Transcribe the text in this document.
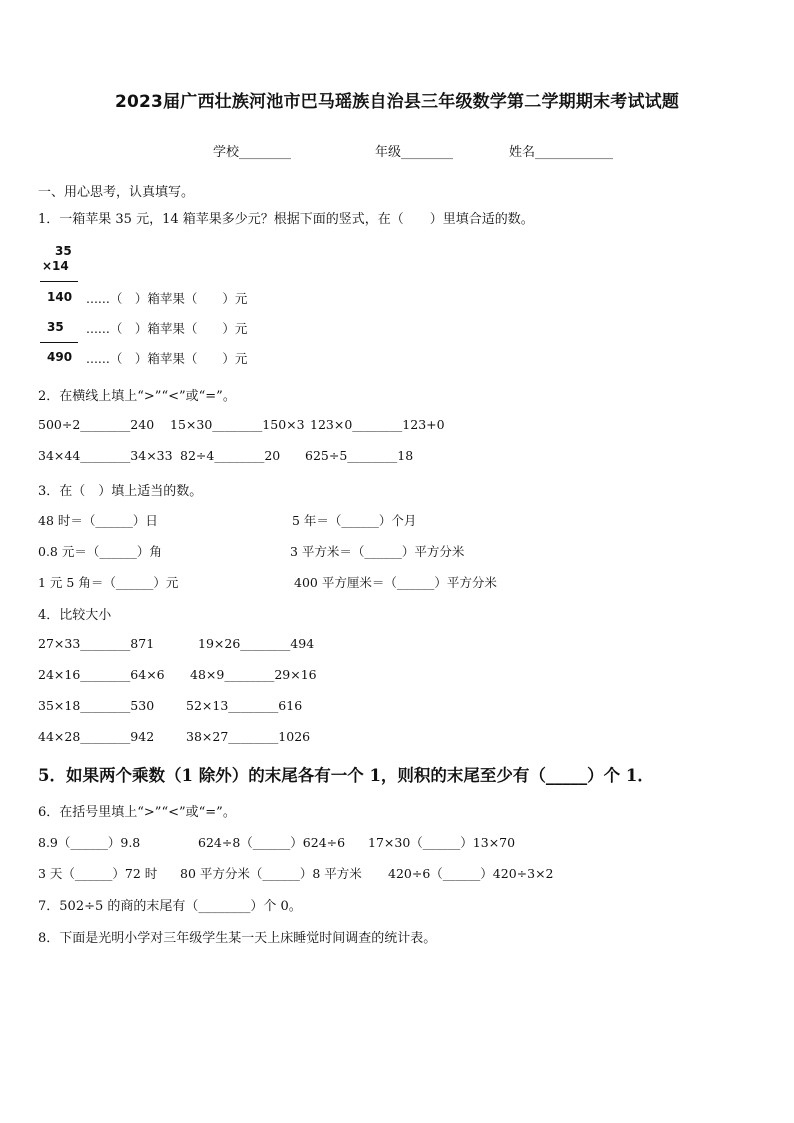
2023届广西壮族河池市巴马瑶族自治县三年级数学第二学期期末考试试题
学校________	年级________	姓名____________
一、用心思考，认真填写。
1．一箱苹果 35 元，14 箱苹果多少元？根据下面的竖式，在（　　）里填合适的数。
35
×14
140 ......（　）箱苹果（　　）元
35 ......（　）箱苹果（　　）元
490 ......（　）箱苹果（　　）元
2．在横线上填上“>”“<”或“=”。
500÷2________240 15×30________150×3 123×0________123+0
34×44________34×33 82÷4________20 625÷5________18
3．在（　）填上适当的数。
48 时＝（______）日	5 年＝（______）个月
0.8 元＝（______）角	3 平方米＝（______）平方分米
1 元 5 角＝（______）元	400 平方厘米＝（______）平方分米
4．比较大小
27×33________871	19×26________494
24×16________64×6 48×9________29×16
35×18________530	52×13________616
44×28________942	38×27________1026
5．如果两个乘数（1 除外）的末尾各有一个 1，则积的末尾至少有（_____）个 1．
6．在括号里填上“>”“<”或“=”。
8.9（______）9.8	624÷8（______）624÷6 17×30（______）13×70
3 天（______）72 时 80 平方分米（______）8 平方米 420÷6（______）420÷3×2
7．502÷5 的商的末尾有（________）个 0。
8．下面是光明小学对三年级学生某一天上床睡觉时间调查的统计表。
